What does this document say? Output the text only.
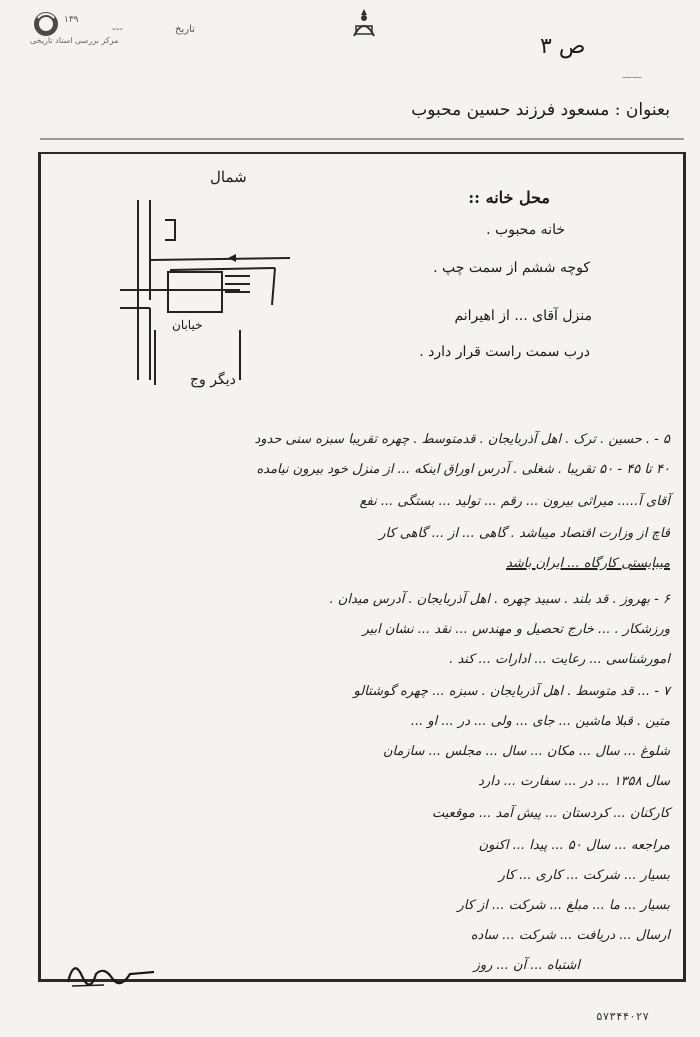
۱۳۹
مرکز بررسی اسناد تاریخی
---	تاریخ
ص ۳
——
بعنوان : مسعود فرزند حسین محبوب
شمال
خیابان
دیگر وج
محل خانه ::
خانه محبوب .
کوچه ششم از سمت چپ .
منزل آقای ... از اهیرانم
درب سمت راست قرار دارد .
۵ - . حسین . ترک . اهل آذربایجان . قدمتوسط . چهره تقریبا سبزه سنی حدود
۴۰ تا ۴۵ - ۵۰ تقریبا . شغلی . آدرس اوراق اینکه ... از منزل خود بیرون نیامده
آقای آ..... میراثی بیرون ... رقم ... تولید ... بستگی ... نفع
قاچ از وزارت اقتصاد میباشد . گاهی ... از ... گاهی کار
میبایستی کارگاه ... ایران باشد
۶ - بهروز . قد بلند . سبید چهره . اهل آذربایجان . آدرس میدان .
ورزشکار . ... خارج تحصیل و مهندس ... نقد ... نشان ابیر
امورشناسی ... رعایت ... ادارات ... کند .
۷ - ... قد متوسط . اهل آذربایجان . سبزه ... چهره گوشتالو
متین . قبلا ماشین ... جای ... ولی ... در ... او ...
شلوغ ... سال ... مکان ... سال ... مجلس ... سازمان
سال ۱۳۵۸ ... در ... سفارت ... دارد
کارکنان ... کردستان ... پیش آمد ... موقعیت
مراجعه ... سال ۵۰ ... پیدا ... اکنون
بسیار ... شرکت ... کاری ... کار
بسیار ... ما ... مبلغ ... شرکت ... از کار
ارسال ... دریافت ... شرکت ... ساده
اشتباه ... آن ... روز
۵۷۳۴۴۰۲۷
